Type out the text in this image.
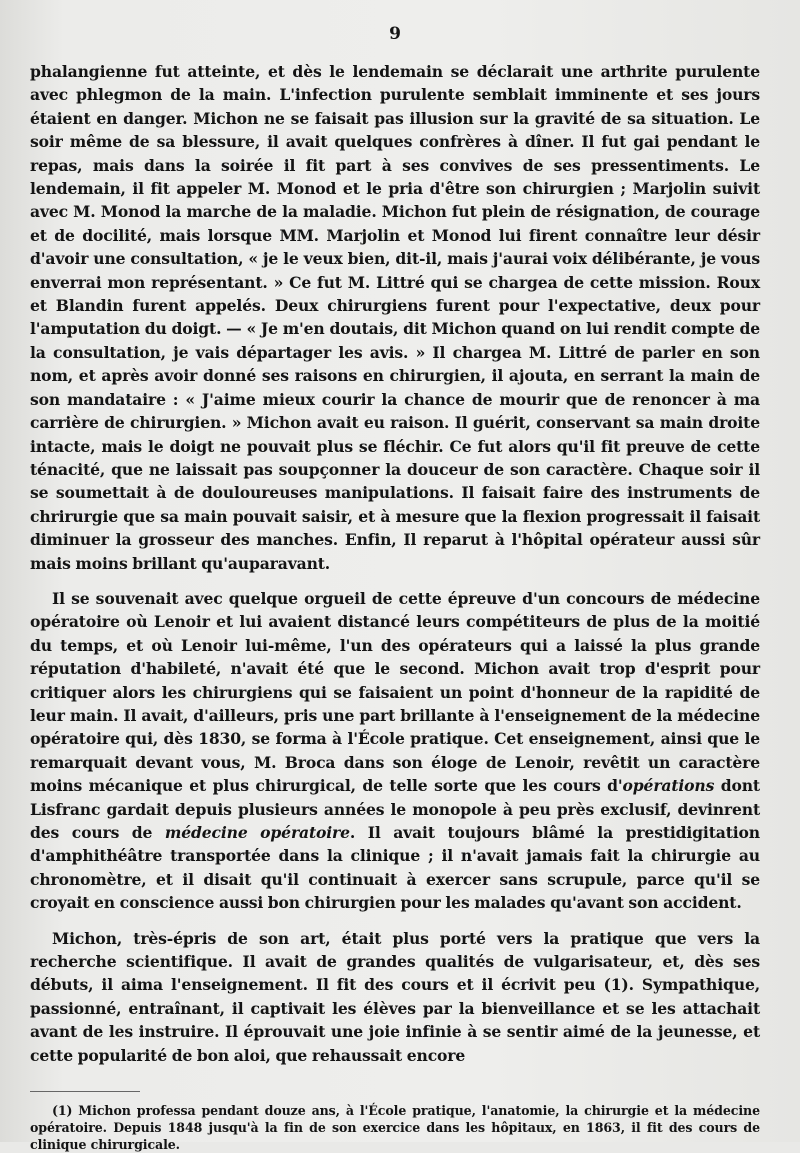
9

phalangienne fut atteinte, et dès le lendemain se déclarait une arthrite purulente avec phlegmon de la main. L'infection purulente semblait imminente et ses jours étaient en danger. Michon ne se faisait pas illusion sur la gravité de sa situation. Le soir même de sa blessure, il avait quelques confrères à dîner. Il fut gai pendant le repas, mais dans la soirée il fit part à ses convives de ses pressentiments. Le lendemain, il fit appeler M. Monod et le pria d'être son chirurgien ; Marjolin suivit avec M. Monod la marche de la maladie. Michon fut plein de résignation, de courage et de docilité, mais lorsque MM. Marjolin et Monod lui firent connaître leur désir d'avoir une consultation, « je le veux bien, dit-il, mais j'aurai voix délibérante, je vous enverrai mon représentant. » Ce fut M. Littré qui se chargea de cette mission. Roux et Blandin furent appelés. Deux chirurgiens furent pour l'expectative, deux pour l'amputation du doigt. — « Je m'en doutais, dit Michon quand on lui rendit compte de la consultation, je vais départager les avis. » Il chargea M. Littré de parler en son nom, et après avoir donné ses raisons en chirurgien, il ajouta, en serrant la main de son mandataire : « J'aime mieux courir la chance de mourir que de renoncer à ma carrière de chirurgien. » Michon avait eu raison. Il guérit, conservant sa main droite intacte, mais le doigt ne pouvait plus se fléchir. Ce fut alors qu'il fit preuve de cette ténacité, que ne laissait pas soupçonner la douceur de son caractère. Chaque soir il se soumettait à de douloureuses manipulations. Il faisait faire des instruments de chrirurgie que sa main pouvait saisir, et à mesure que la flexion progressait il faisait diminuer la grosseur des manches. Enfin, Il reparut à l'hôpital opérateur aussi sûr mais moins brillant qu'auparavant.

Il se souvenait avec quelque orgueil de cette épreuve d'un concours de médecine opératoire où Lenoir et lui avaient distancé leurs compétiteurs de plus de la moitié du temps, et où Lenoir lui-même, l'un des opérateurs qui a laissé la plus grande réputation d'habileté, n'avait été que le second. Michon avait trop d'esprit pour critiquer alors les chirurgiens qui se faisaient un point d'honneur de la rapidité de leur main. Il avait, d'ailleurs, pris une part brillante à l'enseignement de la médecine opératoire qui, dès 1830, se forma à l'École pratique. Cet enseignement, ainsi que le remarquait devant vous, M. Broca dans son éloge de Lenoir, revêtit un caractère moins mécanique et plus chirurgical, de telle sorte que les cours d'opérations dont Lisfranc gardait depuis plusieurs années le monopole à peu près exclusif, devinrent des cours de médecine opératoire. Il avait toujours blâmé la prestidigitation d'amphithéâtre transportée dans la clinique ; il n'avait jamais fait la chirurgie au chronomètre, et il disait qu'il continuait à exercer sans scrupule, parce qu'il se croyait en conscience aussi bon chirurgien pour les malades qu'avant son accident.

Michon, très-épris de son art, était plus porté vers la pratique que vers la recherche scientifique. Il avait de grandes qualités de vulgarisateur, et, dès ses débuts, il aima l'enseignement. Il fit des cours et il écrivit peu (1). Sympathique, passionné, entraînant, il captivait les élèves par la bienveillance et se les attachait avant de les instruire. Il éprouvait une joie infinie à se sentir aimé de la jeunesse, et cette popularité de bon aloi, que rehaussait encore

(1) Michon professa pendant douze ans, à l'École pratique, l'anatomie, la chirurgie et la médecine opératoire. Depuis 1848 jusqu'à la fin de son exercice dans les hôpitaux, en 1863, il fit des cours de clinique chirurgicale.
